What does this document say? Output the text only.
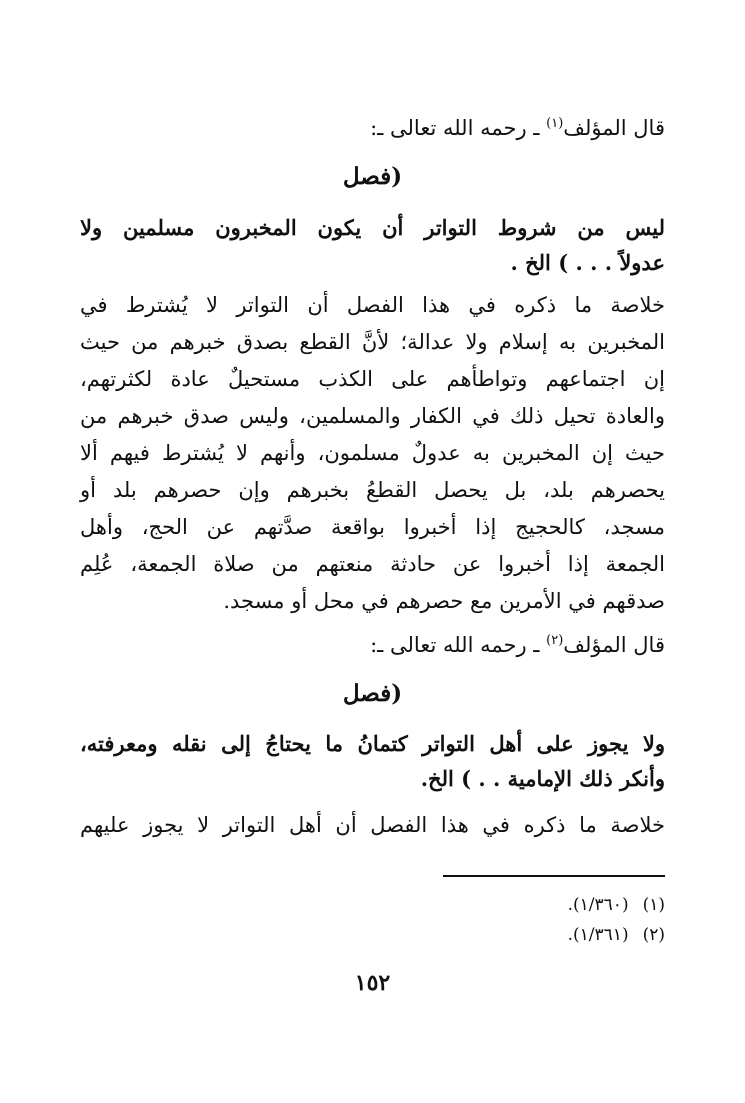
قال المؤلف$^{(١)}$ ـ رحمه الله تعالى ـ:
(فصل
ليس من شروط التواتر أن يكون المخبرون مسلمين ولا
عدولاً . . . ) الخ .
خلاصة ما ذكره في هذا الفصل أن التواتر لا يُشترط في
المخبرين به إسلام ولا عدالة؛ لأنَّ القطع بصدق خبرهم من حيث
إن اجتماعهم وتواطأهم على الكذب مستحيلٌ عادة لكثرتهم،
والعادة تحيل ذلك في الكفار والمسلمين، وليس صدق خبرهم من
حيث إن المخبرين به عدولٌ مسلمون، وأنهم لا يُشترط فيهم ألا
يحصرهم بلد، بل يحصل القطعُ بخبرهم وإن حصرهم بلد أو
مسجد، كالحجيج إذا أخبروا بواقعة صدَّتهم عن الحج، وأهل
الجمعة إذا أخبروا عن حادثة منعتهم من صلاة الجمعة، عُلِم
صدقهم في الأمرين مع حصرهم في محل أو مسجد.
قال المؤلف$^{(٢)}$ ـ رحمه الله تعالى ـ:
(فصل
ولا يجوز على أهل التواتر كتمانُ ما يحتاجُ إلى نقله ومعرفته،
وأنكر ذلك الإمامية . . ) الخ.
خلاصة ما ذكره في هذا الفصل أن أهل التواتر لا يجوز عليهم
(١)(١/٣٦٠).
(٢)(١/٣٦١).
١٥٢
